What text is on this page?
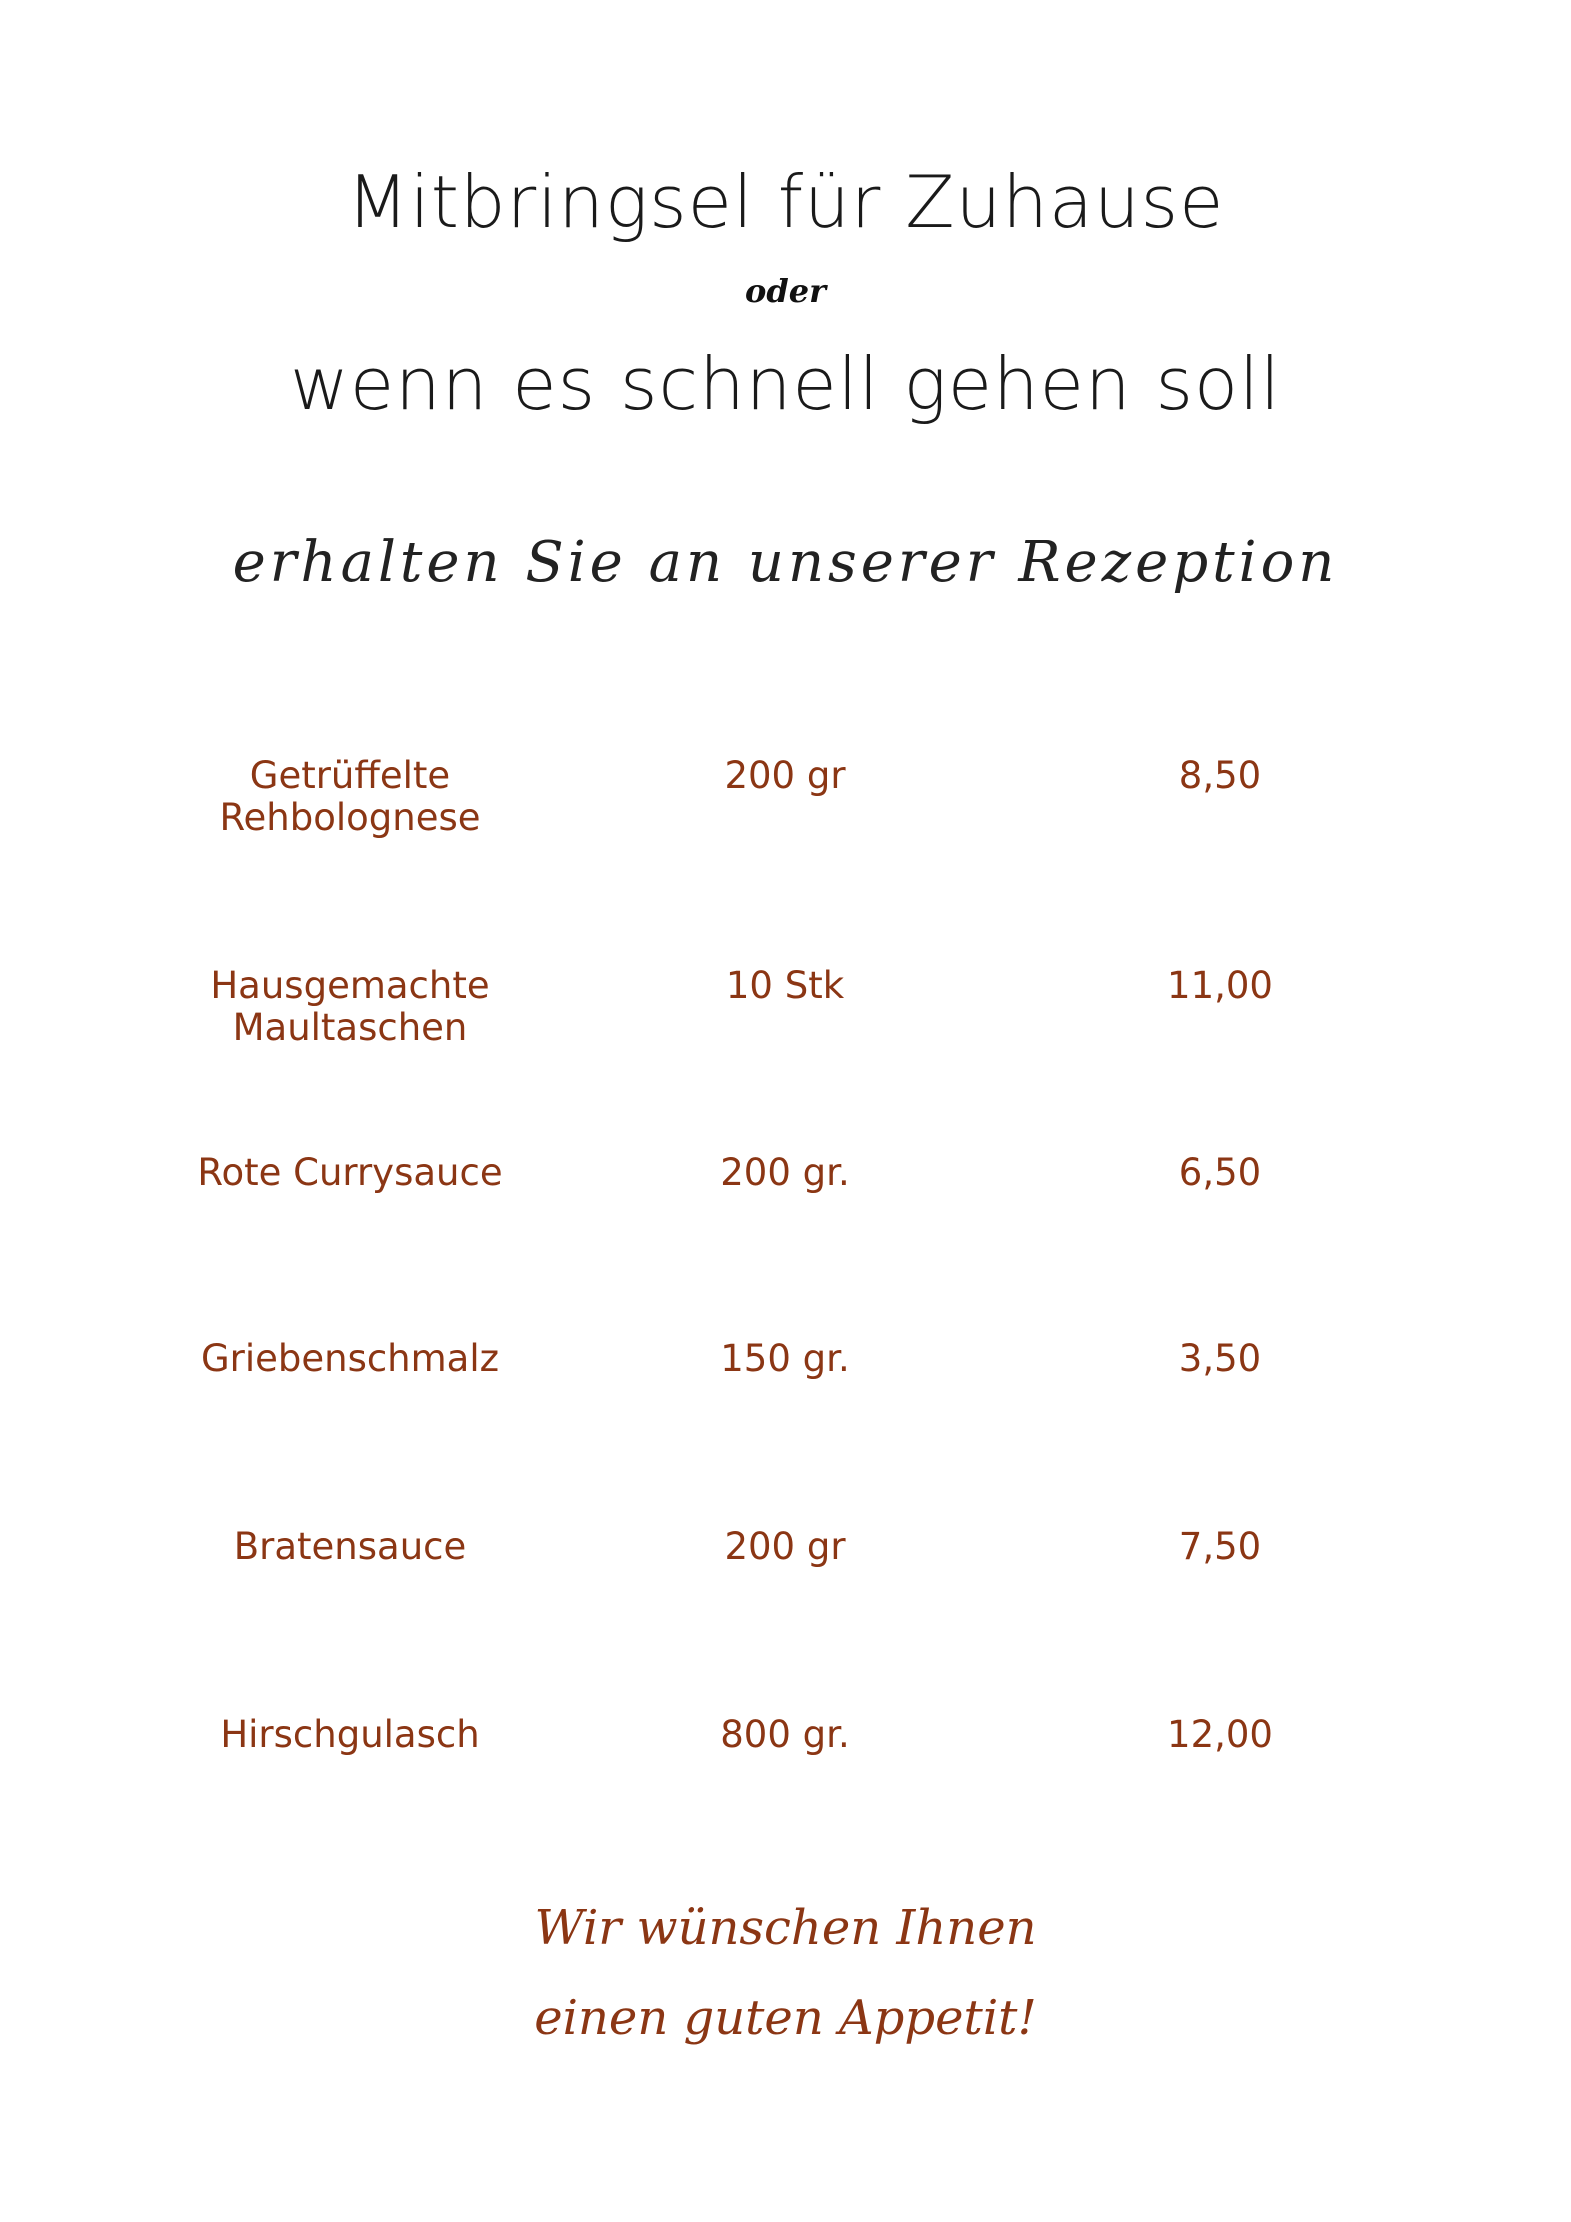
Mitbringsel für Zuhause
oder
wenn es schnell gehen soll
erhalten Sie an unserer Rezeption
Getrüffelte
Rehbolognese
200 gr	8,50
Hausgemachte
Maultaschen
10 Stk	11,00
Rote Currysauce	200 gr.	6,50
Griebenschmalz	150 gr.	3,50
Bratensauce	200 gr	7,50
Hirschgulasch	800 gr.	12,00
Wir wünschen Ihnen
einen guten Appetit!
